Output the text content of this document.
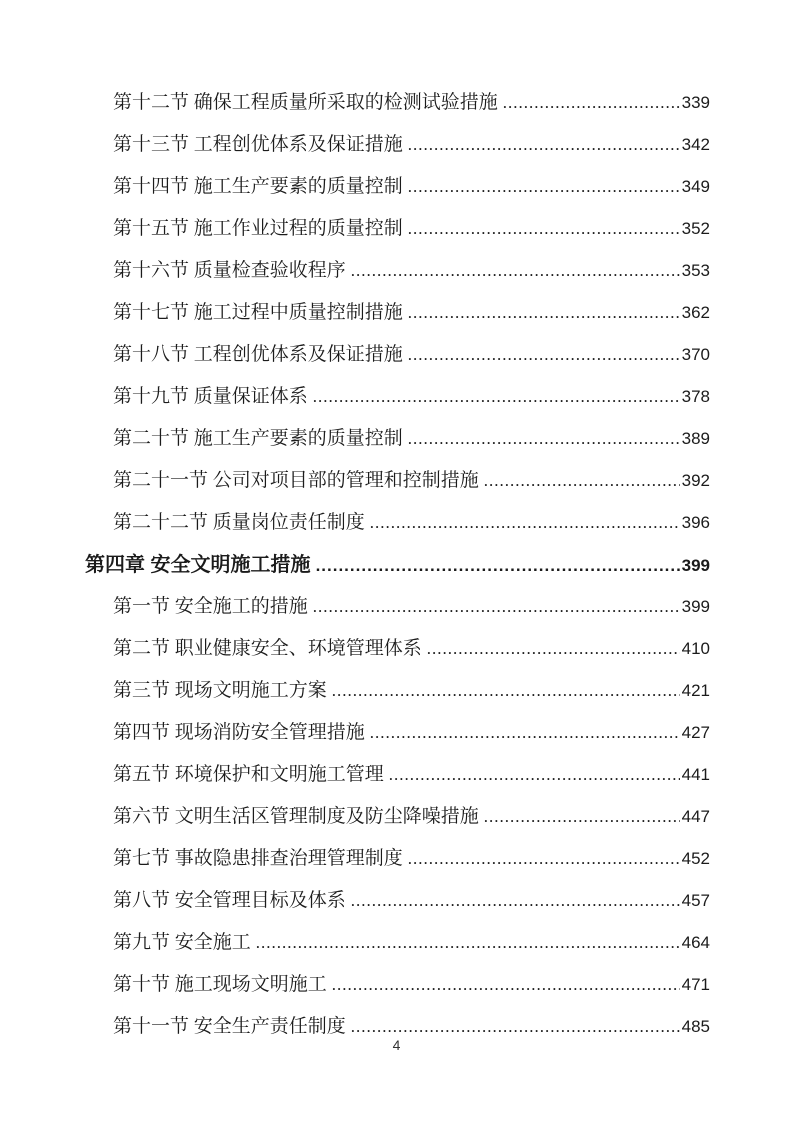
第十二节 确保工程质量所采取的检测试验措施 .....	339
第十三节 工程创优体系及保证措施 .....	342
第十四节 施工生产要素的质量控制 .....	349
第十五节 施工作业过程的质量控制 .....	352
第十六节 质量检查验收程序 .....	353
第十七节 施工过程中质量控制措施 .....	362
第十八节 工程创优体系及保证措施 .....	370
第十九节 质量保证体系 .....	378
第二十节 施工生产要素的质量控制 .....	389
第二十一节 公司对项目部的管理和控制措施 .....	392
第二十二节 质量岗位责任制度 .....	396
第四章 安全文明施工措施 .....	399
第一节 安全施工的措施 .....	399
第二节 职业健康安全、环境管理体系 .....	410
第三节 现场文明施工方案 .....	421
第四节 现场消防安全管理措施 .....	427
第五节 环境保护和文明施工管理 .....	441
第六节 文明生活区管理制度及防尘降噪措施 .....	447
第七节 事故隐患排查治理管理制度 .....	452
第八节 安全管理目标及体系 .....	457
第九节 安全施工 .....	464
第十节 施工现场文明施工 .....	471
第十一节 安全生产责任制度 .....	485
4
